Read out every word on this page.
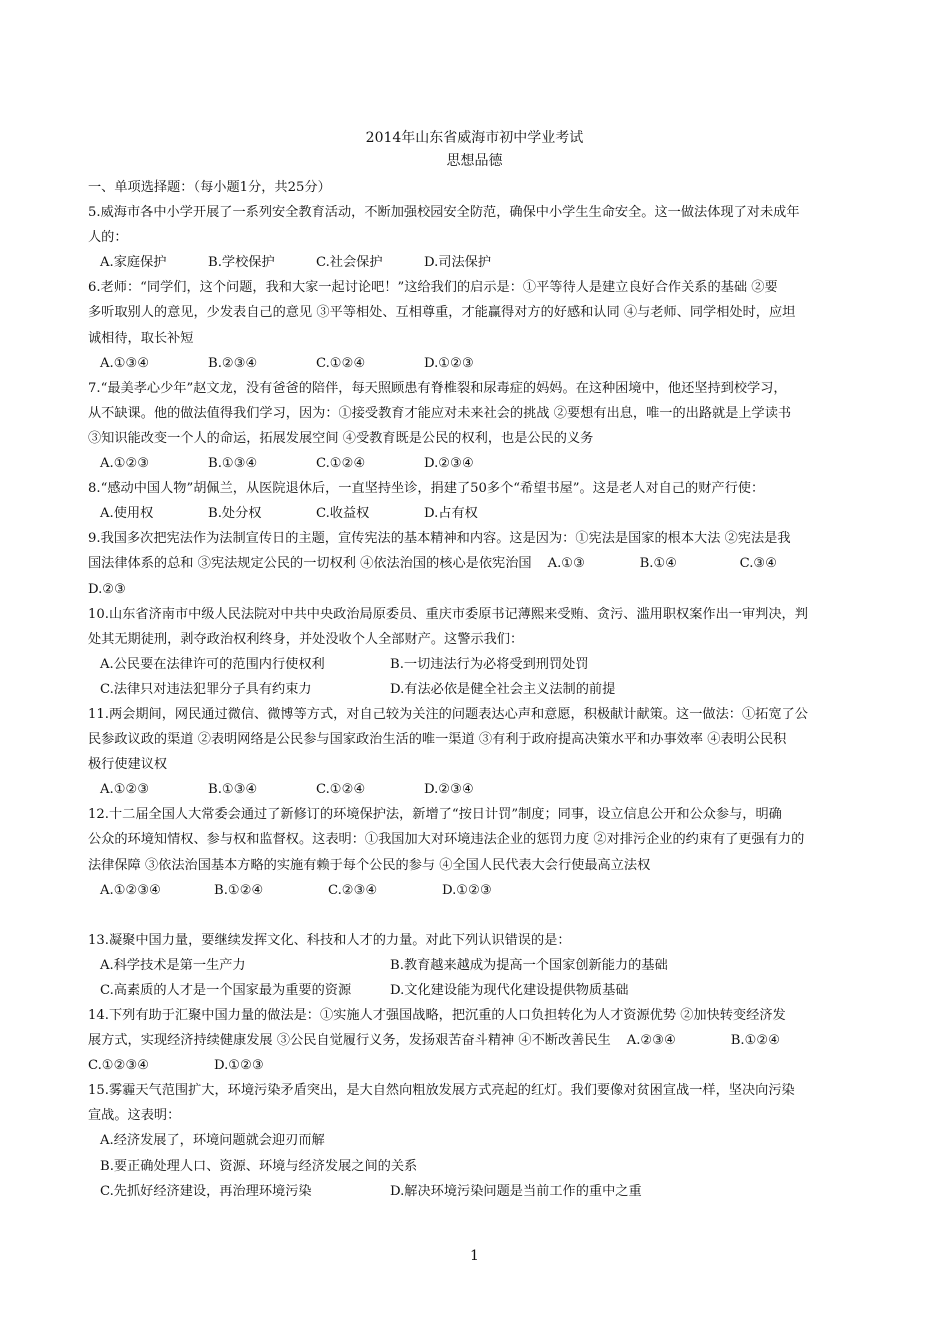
2014年山东省威海市初中学业考试
思想品德
一、单项选择题：（每小题1分，共25分）
5.威海市各中小学开展了一系列安全教育活动，不断加强校园安全防范，确保中小学生生命安全。这一做法体现了对未成年
人的：
A.家庭保护	B.学校保护	C.社会保护	D.司法保护
6.老师：“同学们，这个问题，我和大家一起讨论吧！”这给我们的启示是：①平等待人是建立良好合作关系的基础 ②要
多听取别人的意见，少发表自己的意见 ③平等相处、互相尊重，才能赢得对方的好感和认同 ④与老师、同学相处时，应坦
诚相待，取长补短
A.①③④	B.②③④	C.①②④	D.①②③
7.“最美孝心少年”赵文龙，没有爸爸的陪伴，每天照顾患有脊椎裂和尿毒症的妈妈。在这种困境中，他还坚持到校学习，
从不缺课。他的做法值得我们学习，因为：①接受教育才能应对未来社会的挑战 ②要想有出息，唯一的出路就是上学读书
③知识能改变一个人的命运，拓展发展空间 ④受教育既是公民的权利，也是公民的义务
A.①②③	B.①③④	C.①②④	D.②③④
8.“感动中国人物”胡佩兰，从医院退休后，一直坚持坐诊，捐建了50多个“希望书屋”。这是老人对自己的财产行使：
A.使用权	B.处分权	C.收益权	D.占有权
9.我国多次把宪法作为法制宣传日的主题，宣传宪法的基本精神和内容。这是因为：①宪法是国家的根本大法 ②宪法是我
国法律体系的总和 ③宪法规定公民的一切权利 ④依法治国的核心是依宪治国 A.①③	B.①④	C.③④
D.②③
10.山东省济南市中级人民法院对中共中央政治局原委员、重庆市委原书记薄熙来受贿、贪污、滥用职权案作出一审判决，判
处其无期徒刑，剥夺政治权利终身，并处没收个人全部财产。这警示我们：
A.公民要在法律许可的范围内行使权利	B.一切违法行为必将受到刑罚处罚
C.法律只对违法犯罪分子具有约束力	D.有法必依是健全社会主义法制的前提
11.两会期间，网民通过微信、微博等方式，对自己较为关注的问题表达心声和意愿，积极献计献策。这一做法：①拓宽了公
民参政议政的渠道 ②表明网络是公民参与国家政治生活的唯一渠道 ③有利于政府提高决策水平和办事效率 ④表明公民积
极行使建议权
A.①②③	B.①③④	C.①②④	D.②③④
12.十二届全国人大常委会通过了新修订的环境保护法，新增了“按日计罚”制度；同事，设立信息公开和公众参与，明确
公众的环境知情权、参与权和监督权。这表明：①我国加大对环境违法企业的惩罚力度 ②对排污企业的约束有了更强有力的
法律保障 ③依法治国基本方略的实施有赖于每个公民的参与 ④全国人民代表大会行使最高立法权
A.①②③④	B.①②④	C.②③④	D.①②③
13.凝聚中国力量，要继续发挥文化、科技和人才的力量。对此下列认识错误的是：
A.科学技术是第一生产力	B.教育越来越成为提高一个国家创新能力的基础
C.高素质的人才是一个国家最为重要的资源	D.文化建设能为现代化建设提供物质基础
14.下列有助于汇聚中国力量的做法是：①实施人才强国战略，把沉重的人口负担转化为人才资源优势 ②加快转变经济发
展方式，实现经济持续健康发展 ③公民自觉履行义务，发扬艰苦奋斗精神 ④不断改善民生 A.②③④	B.①②④
C.①②③④	D.①②③
15.雾霾天气范围扩大，环境污染矛盾突出，是大自然向粗放发展方式亮起的红灯。我们要像对贫困宣战一样，坚决向污染
宣战。这表明：
A.经济发展了，环境问题就会迎刃而解
B.要正确处理人口、资源、环境与经济发展之间的关系
C.先抓好经济建设，再治理环境污染	D.解决环境污染问题是当前工作的重中之重
1
